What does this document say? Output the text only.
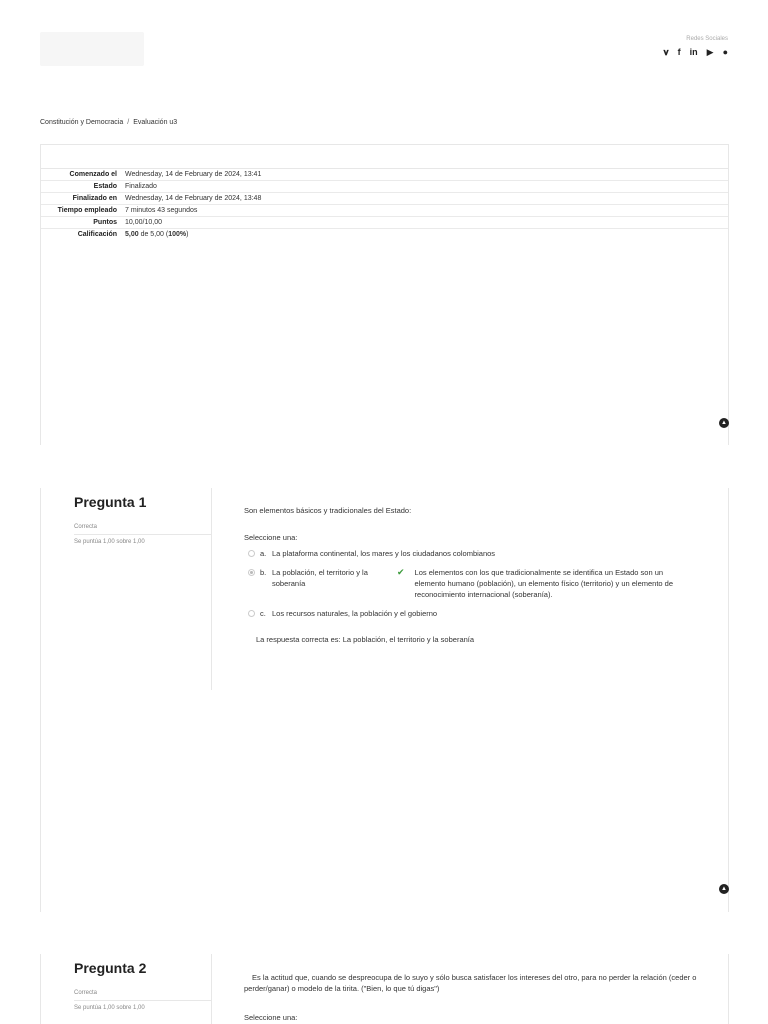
Redes Sociales
𝛎 f in ▶ ●
Constitución y Democracia / Evaluación u3
Comenzado el	Wednesday, 14 de February de 2024, 13:41
Estado	Finalizado
Finalizado en	Wednesday, 14 de February de 2024, 13:48
Tiempo empleado	7 minutos 43 segundos
Puntos	10,00/10,00
Calificación	5,00 de 5,00 (100%)
▲
Pregunta 1
Correcta
Se puntúa 1,00 sobre 1,00
Son elementos básicos y tradicionales del Estado:
Seleccione una:
a. La plataforma continental, los mares y los ciudadanos colombianos
b. La población, el territorio y la soberanía
✔ Los elementos con los que tradicionalmente se identifica un Estado son un elemento humano (población), un elemento físico (territorio) y un elemento de reconocimiento internacional (soberanía).
c. Los recursos naturales, la población y el gobierno
La respuesta correcta es: La población, el territorio y la soberanía
▲
Pregunta 2
Correcta
Se puntúa 1,00 sobre 1,00
Es la actitud que, cuando se despreocupa de lo suyo y sólo busca satisfacer los intereses del otro, para no perder la relación (ceder o perder/ganar) o modelo de la tirita. ("Bien, lo que tú digas")
Seleccione una:
